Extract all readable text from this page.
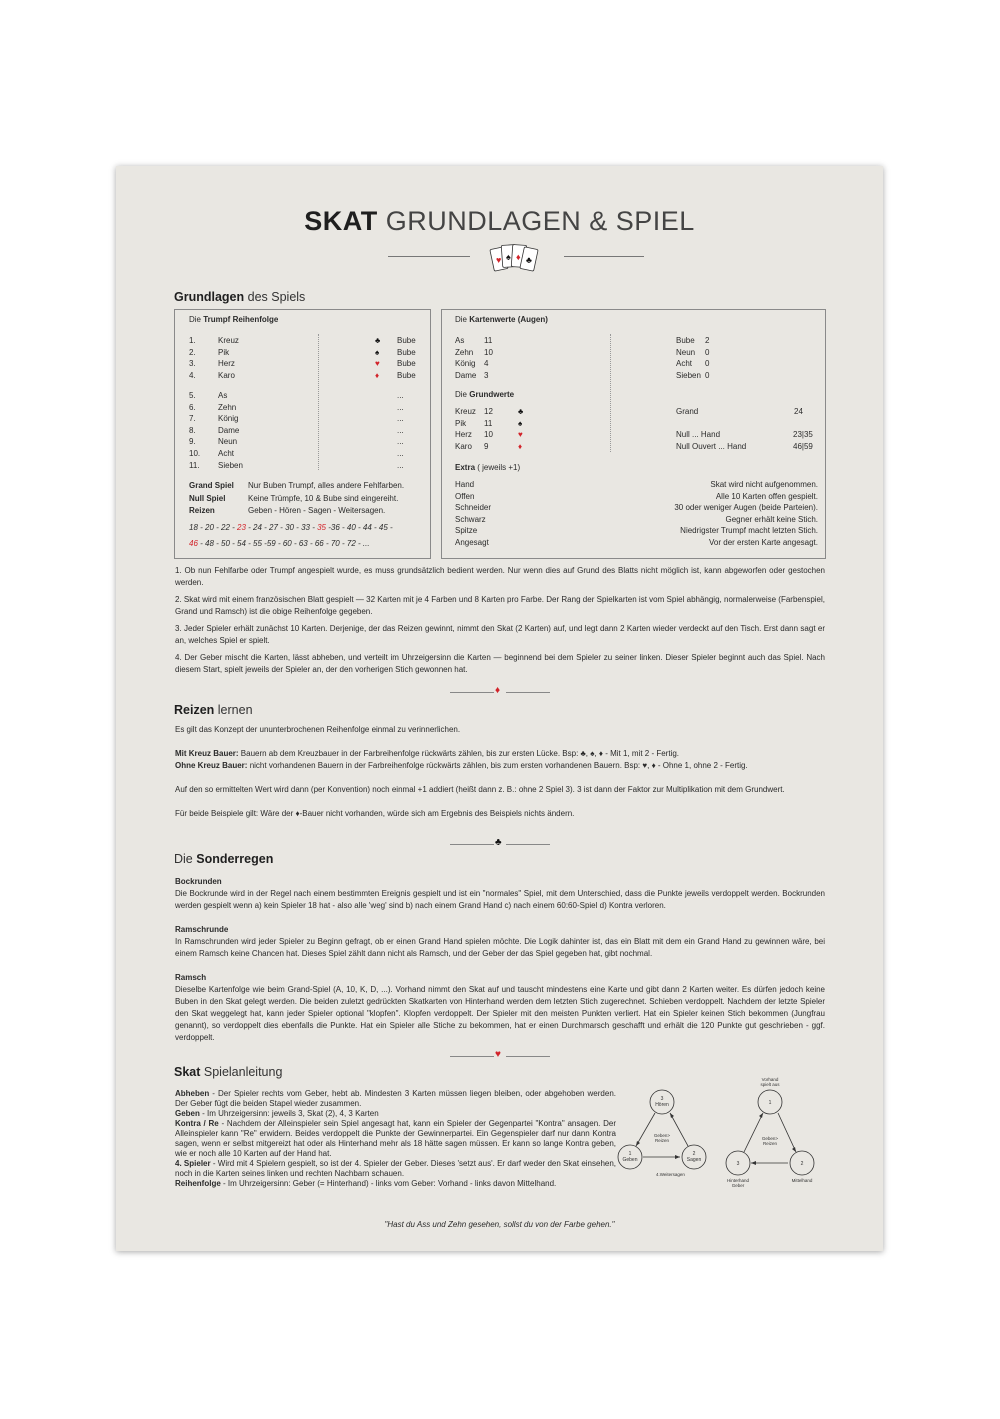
SKAT GRUNDLAGEN & SPIEL
♥ ♠ ♦ ♣
Grundlagen des Spiels
Die Trumpf Reihenfolge
1.	Kreuz	♣ Bube
2.	Pik	♠ Bube
3.	Herz	♥ Bube
4.	Karo	♦ Bube
5.	As	...
6.	Zehn	...
7.	König	...
8.	Dame	...
9.	Neun	...
10. Acht	...
11. Sieben	...
Grand Spiel Nur Buben Trumpf, alles andere Fehlfarben.
Null Spiel	Keine Trümpfe, 10 & Bube sind eingereiht.
Reizen	Geben - Hören - Sagen - Weitersagen.
18 - 20 - 22 - 23 - 24 - 27 - 30 - 33 - 35 -36 - 40 - 44 - 45 -
46 - 48 - 50 - 54 - 55 -59 - 60 - 63 - 66 - 70 - 72 - ...
Die Kartenwerte (Augen)
As 11
Zehn 10
König 4
Dame 3
Bube 2
Neun 0
Acht 0
Sieben 0
Die Grundwerte
Kreuz 12	♣
Pik 11	♠
Herz 10	♥
Karo 9	♦
Grand	24
Null ... Hand	23|35
Null Ouvert ... Hand	46|59
Extra ( jeweils +1)
Hand	Skat wird nicht aufgenommen.
Offen	Alle 10 Karten offen gespielt.
Schneider	30 oder weniger Augen (beide Parteien).
Schwarz	Gegner erhält keine Stich.
Spitze	Niedrigster Trumpf macht letzten Stich.
Angesagt	Vor der ersten Karte angesagt.

1. Ob nun Fehlfarbe oder Trumpf angespielt wurde, es muss grundsätzlich bedient werden. Nur wenn dies auf Grund des Blatts nicht möglich ist, kann abgeworfen oder gestochen werden.

2. Skat wird mit einem französischen Blatt gespielt — 32 Karten mit je 4 Farben und 8 Karten pro Farbe. Der Rang der Spielkarten ist vom Spiel abhängig, normalerweise (Farbenspiel, Grand und Ramsch) ist die obige Reihenfolge gegeben.

3. Jeder Spieler erhält zunächst 10 Karten. Derjenige, der das Reizen gewinnt, nimmt den Skat (2 Karten) auf, und legt dann 2 Karten wieder verdeckt auf den Tisch. Erst dann sagt er an, welches Spiel er spielt.

4. Der Geber mischt die Karten, lässt abheben, und verteilt im Uhrzeigersinn die Karten — beginnend bei dem Spieler zu seiner linken. Dieser Spieler beginnt auch das Spiel. Nach diesem Start, spielt jeweils der Spieler an, der den vorherigen Stich gewonnen hat.

♦
Reizen lernen

Es gilt das Konzept der ununterbrochenen Reihenfolge einmal zu verinnerlichen.

Mit Kreuz Bauer: Bauern ab dem Kreuzbauer in der Farbreihenfolge rückwärts zählen, bis zur ersten Lücke. Bsp: ♣, ♠, ♦ - Mit 1, mit 2 - Fertig.

Ohne Kreuz Bauer: nicht vorhandenen Bauern in der Farbreihenfolge rückwärts zählen, bis zum ersten vorhandenen Bauern. Bsp: ♥, ♦ - Ohne 1, ohne 2 - Fertig.

Auf den so ermittelten Wert wird dann (per Konvention) noch einmal +1 addiert (heißt dann z. B.: ohne 2 Spiel 3). 3 ist dann der Faktor zur Multiplikation mit dem Grundwert.

Für beide Beispiele gilt: Wäre der ♦-Bauer nicht vorhanden, würde sich am Ergebnis des Beispiels nichts ändern.

♣
Die Sonderregen
Bockrunden

Die Bockrunde wird in der Regel nach einem bestimmten Ereignis gespielt und ist ein "normales" Spiel, mit dem Unterschied, dass die Punkte jeweils verdoppelt werden. Bockrunden werden gespielt wenn a) kein Spieler 18 hat - also alle 'weg' sind b) nach einem Grand Hand c) nach einem 60:60-Spiel d) Kontra verloren.

Ramschrunde

In Ramschrunden wird jeder Spieler zu Beginn gefragt, ob er einen Grand Hand spielen möchte. Die Logik dahinter ist, das ein Blatt mit dem ein Grand Hand zu gewinnen wäre, bei einem Ramsch keine Chancen hat. Dieses Spiel zählt dann nicht als Ramsch, und der Geber der das Spiel gegeben hat, gibt nochmal.

Ramsch

Dieselbe Kartenfolge wie beim Grand-Spiel (A, 10, K, D, ...). Vorhand nimmt den Skat auf und tauscht mindestens eine Karte und gibt dann 2 Karten weiter. Es dürfen jedoch keine Buben in den Skat gelegt werden. Die beiden zuletzt gedrückten Skatkarten von Hinterhand werden dem letzten Stich zugerechnet. Schieben verdoppelt. Nachdem der letzte Spieler den Skat weggelegt hat, kann jeder Spieler optional "klopfen". Klopfen verdoppelt. Der Spieler mit den meisten Punkten verliert. Hat ein Spieler keinen Stich bekommen (Jungfrau genannt), so verdoppelt dies ebenfalls die Punkte. Hat ein Spieler alle Stiche zu bekommen, hat er einen Durchmarsch geschafft und erhält die 120 Punkte gut geschrieben - ggf. verdoppelt.

♥
Skat Spielanleitung

Abheben - Der Spieler rechts vom Geber, hebt ab. Mindesten 3 Karten müssen liegen bleiben, oder abgehoben werden. Der Geber fügt die beiden Stapel wieder zusammen.

Geben - Im Uhrzeigersinn: jeweils 3, Skat (2), 4, 3 Karten

Kontra / Re - Nachdem der Alleinspieler sein Spiel angesagt hat, kann ein Spieler der Gegenpartei "Kontra" ansagen. Der Alleinspieler kann "Re" erwidern. Beides verdoppelt die Punkte der Gewinnerpartei. Ein Gegenspieler darf nur dann Kontra sagen, wenn er selbst mitgereizt hat oder als Hinterhand mehr als 18 hätte sagen müssen. Er kann so lange Kontra geben, wie er noch alle 10 Karten auf der Hand hat.

4. Spieler - Wird mit 4 Spielern gespielt, so ist der 4. Spieler der Geber. Dieses 'setzt aus'. Er darf weder den Skat einsehen, noch in die Karten seines linken und rechten Nachbarn schauen.

Reihenfolge - Im Uhrzeigersinn: Geber (= Hinterhand) - links vom Geber: Vorhand - links davon Mittelhand.

3
Hören
1
Geben
2
Sagen
Geben> Reizen
4.Weitersagen
Vorhand spielt aus
1
3	2
Hinterhand Geber
Mittelhand
Geben> Reizen
"Hast du Ass und Zehn gesehen, sollst du von der Farbe gehen."
